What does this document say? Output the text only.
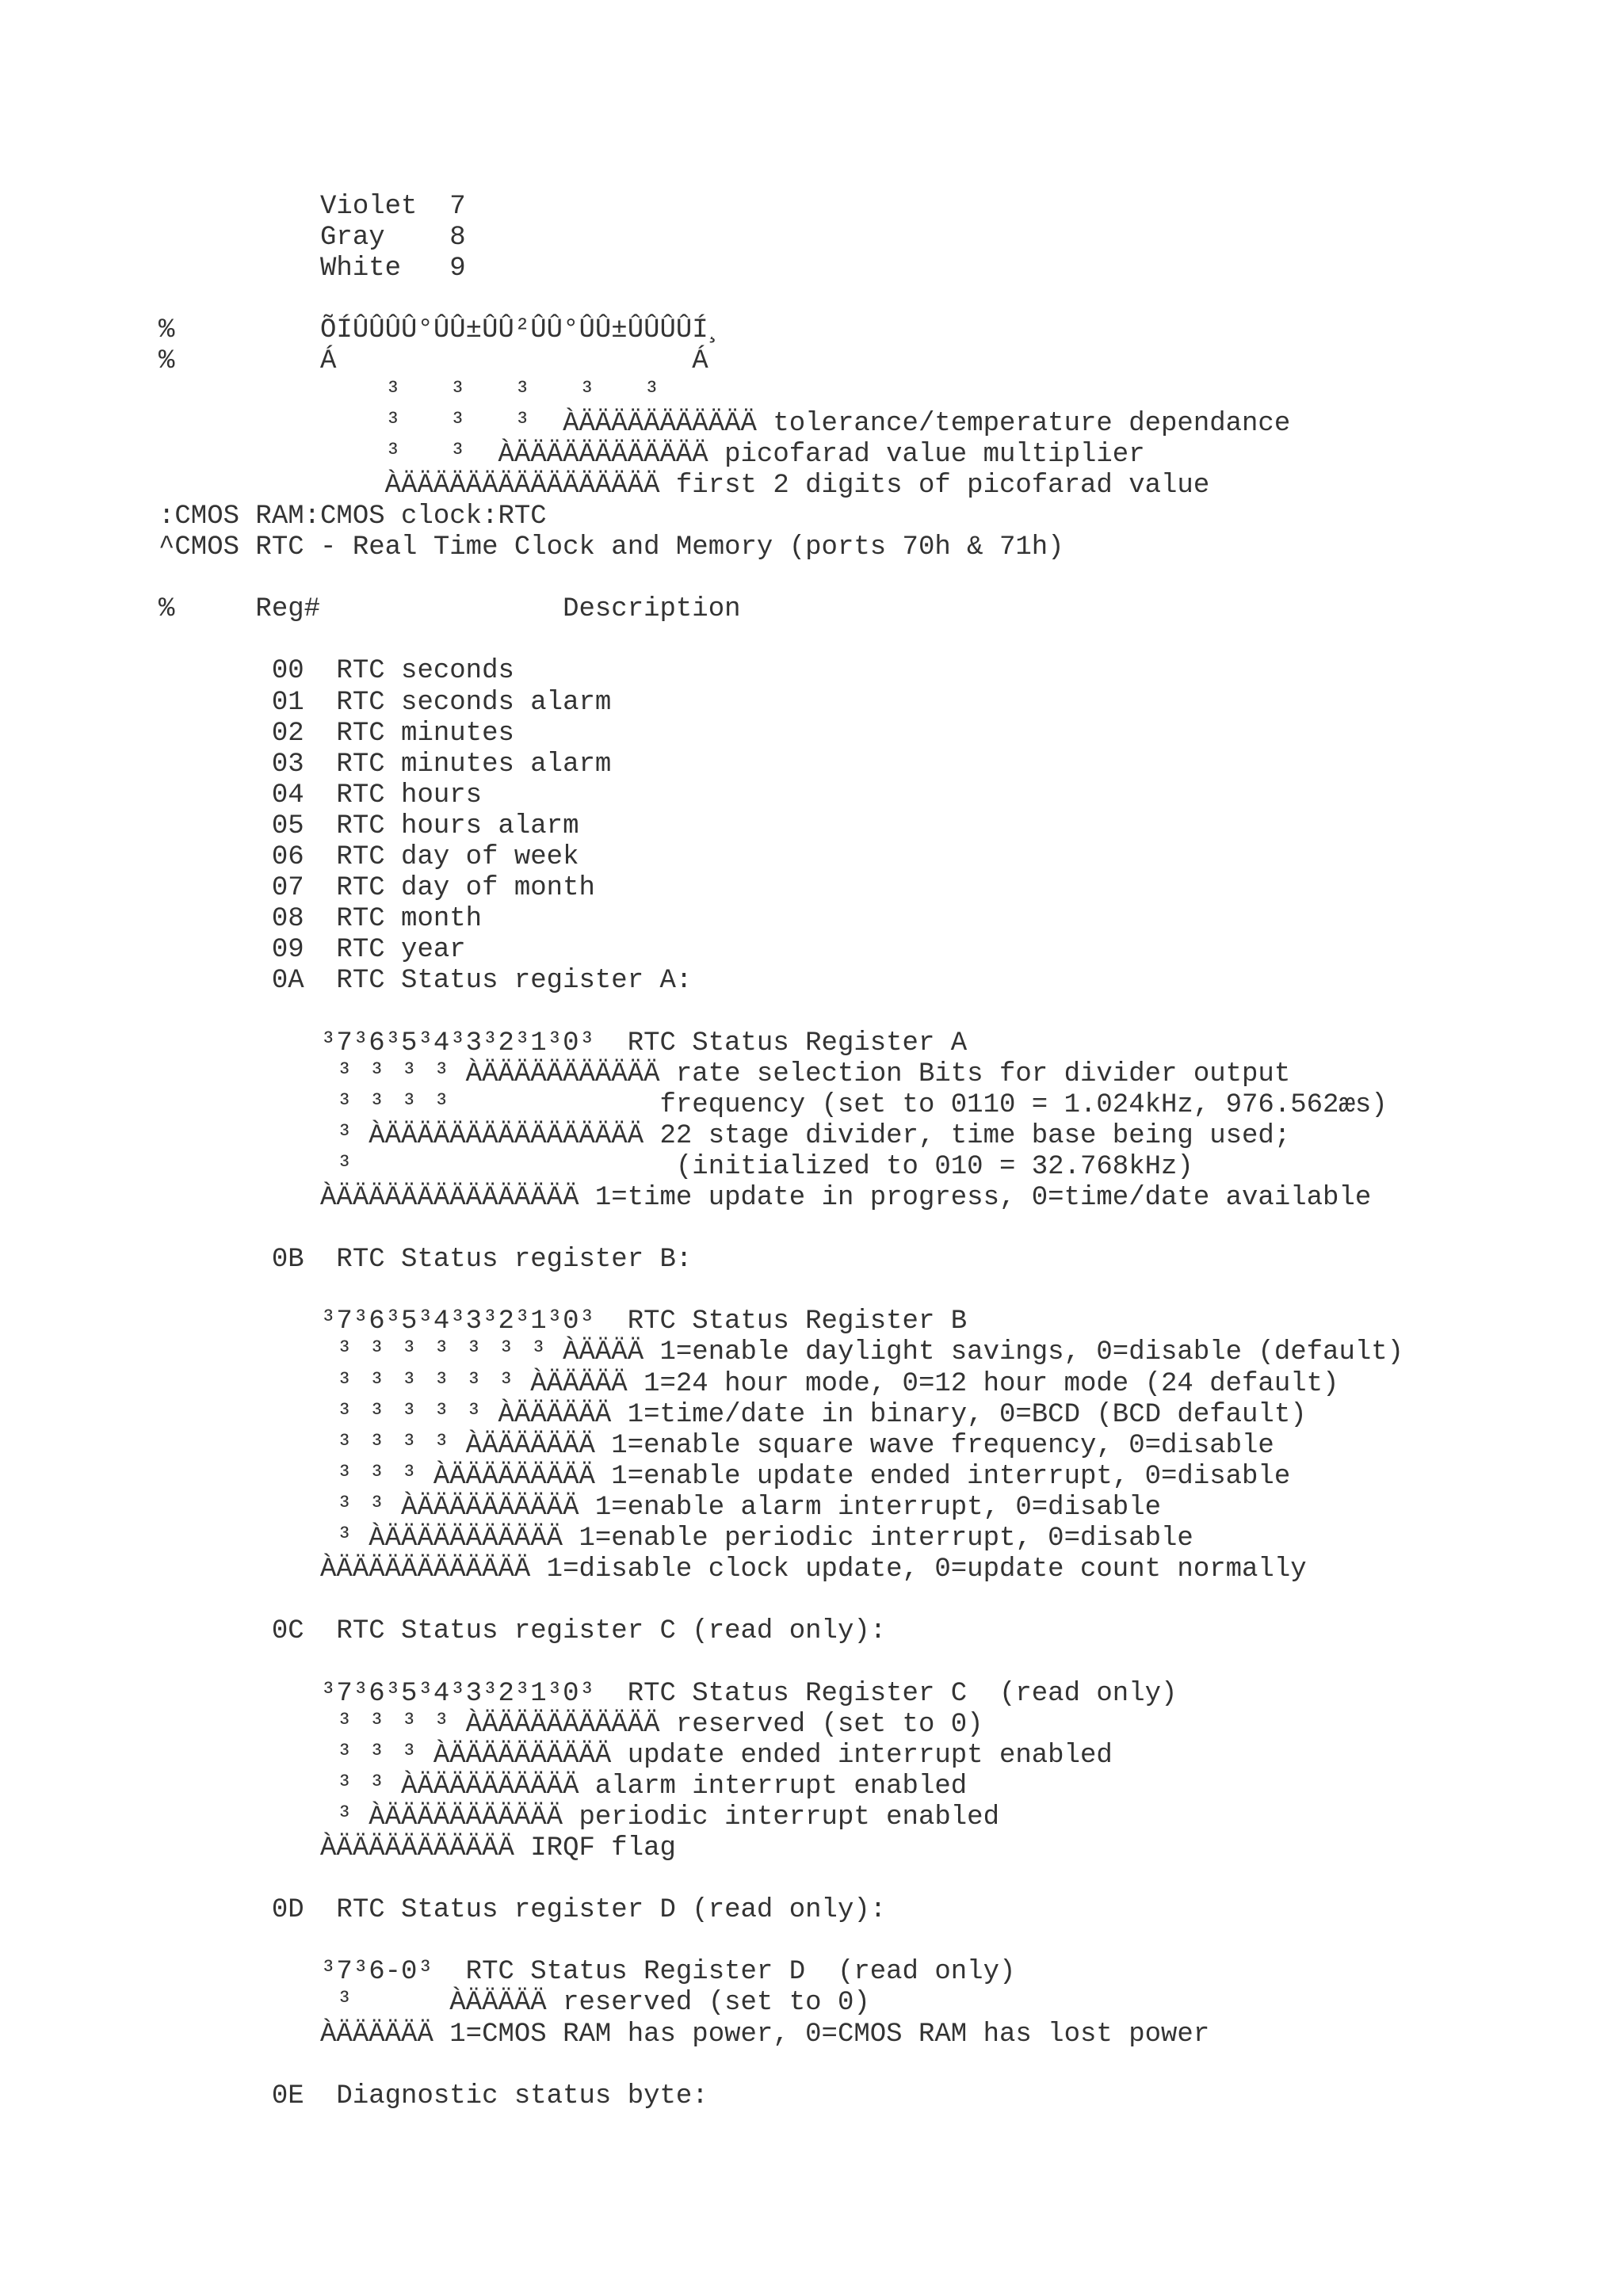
Violet  7
Gray    8
White   9
%         ÕÍÛÛÛÛ°ÛÛ±ÛÛ²ÛÛ°ÛÛ±ÛÛÛÛÍ¸
%         Á                      Á
³   ³   ³   ³   ³
³   ³   ³  ÀÄÄÄÄÄÄÄÄÄÄÄ tolerance/temperature dependance
³   ³  ÀÄÄÄÄÄÄÄÄÄÄÄÄ picofarad value multiplier
ÀÄÄÄÄÄÄÄÄÄÄÄÄÄÄÄÄ first 2 digits of picofarad value
:CMOS RAM:CMOS clock:RTC
^CMOS RTC - Real Time Clock and Memory (ports 70h & 71h)
%     Reg#               Description
00  RTC seconds
01  RTC seconds alarm
02  RTC minutes
03  RTC minutes alarm
04  RTC hours
05  RTC hours alarm
06  RTC day of week
07  RTC day of month
08  RTC month
09  RTC year
0A  RTC Status register A:
³7³6³5³4³3³2³1³0³  RTC Status Register A
³ ³ ³ ³ ÀÄÄÄÄÄÄÄÄÄÄÄ rate selection Bits for divider output
³ ³ ³ ³             frequency (set to 0110 = 1.024kHz, 976.562æs)
³ ÀÄÄÄÄÄÄÄÄÄÄÄÄÄÄÄÄ 22 stage divider, time base being used;
³                    (initialized to 010 = 32.768kHz)
ÀÄÄÄÄÄÄÄÄÄÄÄÄÄÄÄ 1=time update in progress, 0=time/date available
0B  RTC Status register B:
³7³6³5³4³3³2³1³0³  RTC Status Register B
³ ³ ³ ³ ³ ³ ³ ÀÄÄÄÄ 1=enable daylight savings, 0=disable (default)
³ ³ ³ ³ ³ ³ ÀÄÄÄÄÄ 1=24 hour mode, 0=12 hour mode (24 default)
³ ³ ³ ³ ³ ÀÄÄÄÄÄÄ 1=time/date in binary, 0=BCD (BCD default)
³ ³ ³ ³ ÀÄÄÄÄÄÄÄ 1=enable square wave frequency, 0=disable
³ ³ ³ ÀÄÄÄÄÄÄÄÄÄ 1=enable update ended interrupt, 0=disable
³ ³ ÀÄÄÄÄÄÄÄÄÄÄ 1=enable alarm interrupt, 0=disable
³ ÀÄÄÄÄÄÄÄÄÄÄÄ 1=enable periodic interrupt, 0=disable
ÀÄÄÄÄÄÄÄÄÄÄÄÄ 1=disable clock update, 0=update count normally
0C  RTC Status register C (read only):
³7³6³5³4³3³2³1³0³  RTC Status Register C  (read only)
³ ³ ³ ³ ÀÄÄÄÄÄÄÄÄÄÄÄ reserved (set to 0)
³ ³ ³ ÀÄÄÄÄÄÄÄÄÄÄ update ended interrupt enabled
³ ³ ÀÄÄÄÄÄÄÄÄÄÄ alarm interrupt enabled
³ ÀÄÄÄÄÄÄÄÄÄÄÄ periodic interrupt enabled
ÀÄÄÄÄÄÄÄÄÄÄÄ IRQF flag
0D  RTC Status register D (read only):
³7³6-0³  RTC Status Register D  (read only)
³      ÀÄÄÄÄÄ reserved (set to 0)
ÀÄÄÄÄÄÄ 1=CMOS RAM has power, 0=CMOS RAM has lost power
0E  Diagnostic status byte:
